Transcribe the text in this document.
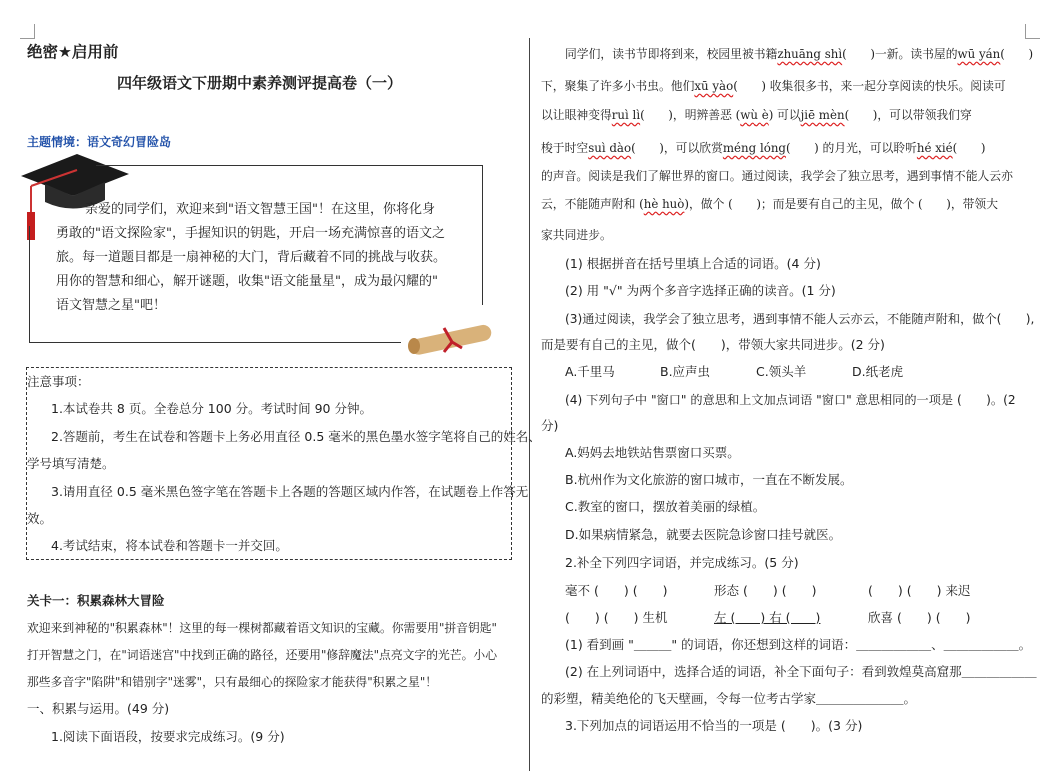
绝密★启用前
四年级语文下册期中素养测评提高卷（一）
主题情境：语文奇幻冒险岛
亲爱的同学们，欢迎来到"语文智慧王国"！在这里，你将化身
勇敢的"语文探险家"，手握知识的钥匙，开启一场充满惊喜的语文之
旅。每一道题目都是一扇神秘的大门，背后藏着不同的挑战与收获。
用你的智慧和细心，解开谜题，收集"语文能量星"，成为最闪耀的"
语文智慧之星"吧！
注意事项：
1.本试卷共 8 页。全卷总分 100 分。考试时间 90 分钟。
2.答题前，考生在试卷和答题卡上务必用直径 0.5 毫米的黑色墨水签字笔将自己的姓名、
学号填写清楚。
3.请用直径 0.5 毫米黑色签字笔在答题卡上各题的答题区域内作答，在试题卷上作答无
效。
4.考试结束，将本试卷和答题卡一并交回。
关卡一：积累森林大冒险
欢迎来到神秘的"积累森林"！这里的每一棵树都藏着语文知识的宝藏。你需要用"拼音钥匙"
打开智慧之门，在"词语迷宫"中找到正确的路径，还要用"修辞魔法"点亮文字的光芒。小心
那些多音字"陷阱"和错别字"迷雾"，只有最细心的探险家才能获得"积累之星"！
一、积累与运用。(49 分)
1.阅读下面语段，按要求完成练习。(9 分)
同学们，读书节即将到来，校园里被书籍zhuāng shì(　　)一新。读书屋的wū yán(　　)
下，聚集了许多小书虫。他们xū yào(　　) 收集很多书，来一起分享阅读的快乐。阅读可
以让眼神变得ruì lì(　　)，明辨善恶 (wù è) 可以jiē mèn(　　)，可以带领我们穿
梭于时空suì dào(　　)，可以欣赏méng lóng(　　) 的月光，可以聆听hé xié(　　)
的声音。阅读是我们了解世界的窗口。通过阅读，我学会了独立思考，遇到事情不能人云亦
云，不能随声附和 (hè huò)，做个 (　　)；而是要有自己的主见，做个 (　　)，带领大
家共同进步。
(1) 根据拼音在括号里填上合适的词语。(4 分)
(2) 用 "√" 为两个多音字选择正确的读音。(1 分)
(3)通过阅读，我学会了独立思考，遇到事情不能人云亦云，不能随声附和，做个(　　),
而是要有自己的主见，做个(　　)，带领大家共同进步。(2 分)
A.千里马	B.应声虫	C.领头羊	D.纸老虎
(4) 下列句子中 "窗口" 的意思和上文加点词语 "窗口" 意思相同的一项是 (　　)。(2
分)
A.妈妈去地铁站售票窗口买票。
B.杭州作为文化旅游的窗口城市，一直在不断发展。
C.教室的窗口，摆放着美丽的绿植。
D.如果病情紧急，就要去医院急诊窗口挂号就医。
2.补全下列四字词语，并完成练习。(5 分)
毫不 (　　) (　　)	形态 (　　) (　　)	(　　) (　　) 来迟
(　　) (　　) 生机	左 (　　) 右 (　　)	欣喜 (　　) (　　)
(1) 看到画 "＿＿＿" 的词语，你还想到这样的词语：＿＿＿＿＿＿、＿＿＿＿＿＿。
(2) 在上列词语中，选择合适的词语，补全下面句子：看到敦煌莫高窟那＿＿＿＿＿＿
的彩塑，精美绝伦的飞天壁画，令每一位考古学家＿＿＿＿＿＿＿。
3.下列加点的词语运用不恰当的一项是 (　　)。(3 分)
